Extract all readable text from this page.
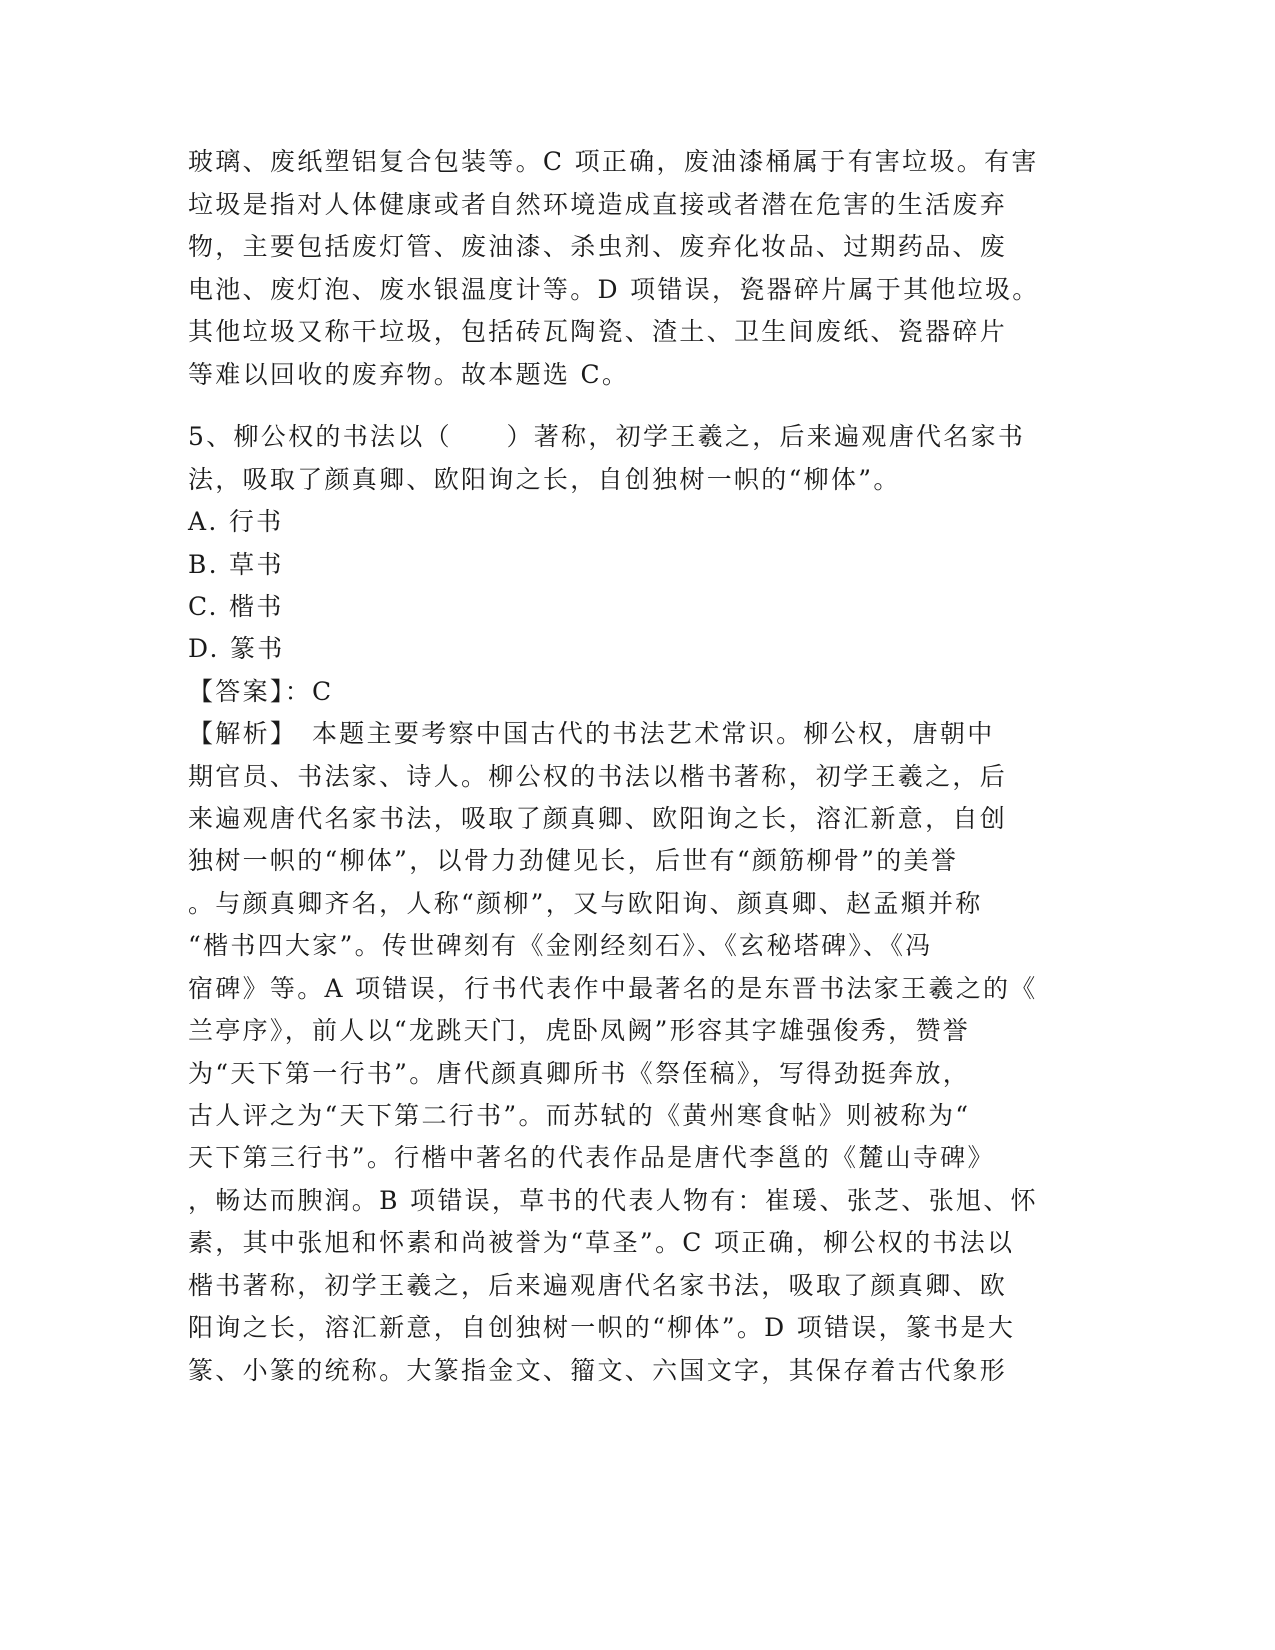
玻璃、废纸塑铝复合包装等。C 项正确，废油漆桶属于有害垃圾。有害
垃圾是指对人体健康或者自然环境造成直接或者潜在危害的生活废弃
物，主要包括废灯管、废油漆、杀虫剂、废弃化妆品、过期药品、废
电池、废灯泡、废水银温度计等。D 项错误，瓷器碎片属于其他垃圾。
其他垃圾又称干垃圾，包括砖瓦陶瓷、渣土、卫生间废纸、瓷器碎片
等难以回收的废弃物。故本题选 C。
5、柳公权的书法以（　　）著称，初学王羲之，后来遍观唐代名家书
法，吸取了颜真卿、欧阳询之长，自创独树一帜的“柳体”。
A. 行书
B. 草书
C. 楷书
D. 篆书
【答案】：C
【解析】　本题主要考察中国古代的书法艺术常识。柳公权，唐朝中
期官员、书法家、诗人。柳公权的书法以楷书著称，初学王羲之，后
来遍观唐代名家书法，吸取了颜真卿、欧阳询之长，溶汇新意，自创
独树一帜的“柳体”，以骨力劲健见长，后世有“颜筋柳骨”的美誉
。与颜真卿齐名，人称“颜柳”，又与欧阳询、颜真卿、赵孟頫并称
“楷书四大家”。传世碑刻有《金刚经刻石》、《玄秘塔碑》、《冯
宿碑》等。A 项错误，行书代表作中最著名的是东晋书法家王羲之的《
兰亭序》，前人以“龙跳天门，虎卧凤阙”形容其字雄强俊秀，赞誉
为“天下第一行书”。唐代颜真卿所书《祭侄稿》，写得劲挺奔放，
古人评之为“天下第二行书”。而苏轼的《黄州寒食帖》则被称为“
天下第三行书”。行楷中著名的代表作品是唐代李邕的《麓山寺碑》
，畅达而腴润。B 项错误，草书的代表人物有：崔瑗、张芝、张旭、怀
素，其中张旭和怀素和尚被誉为“草圣”。C 项正确，柳公权的书法以
楷书著称，初学王羲之，后来遍观唐代名家书法，吸取了颜真卿、欧
阳询之长，溶汇新意，自创独树一帜的“柳体”。D 项错误，篆书是大
篆、小篆的统称。大篆指金文、籀文、六国文字，其保存着古代象形
